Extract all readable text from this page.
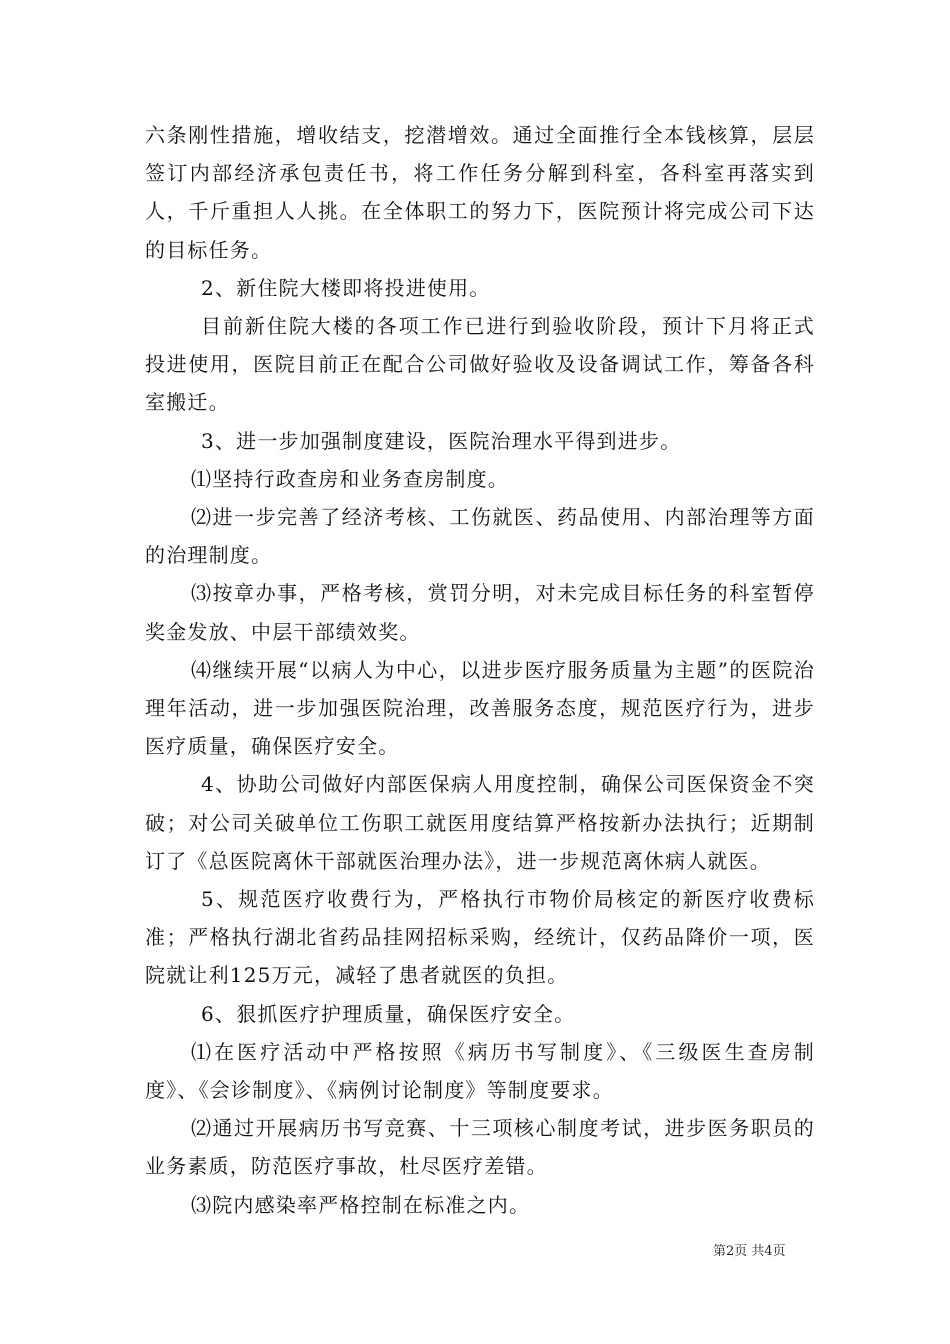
六条刚性措施，增收结支，挖潜增效。通过全面推行全本钱核算，层层签订内部经济承包责任书，将工作任务分解到科室，各科室再落实到人，千斤重担人人挑。在全体职工的努力下，医院预计将完成公司下达的目标任务。

2、新住院大楼即将投进使用。

目前新住院大楼的各项工作已进行到验收阶段，预计下月将正式投进使用，医院目前正在配合公司做好验收及设备调试工作，筹备各科室搬迁。

3、进一步加强制度建设，医院治理水平得到进步。

⑴坚持行政查房和业务查房制度。

⑵进一步完善了经济考核、工伤就医、药品使用、内部治理等方面的治理制度。

⑶按章办事，严格考核，赏罚分明，对未完成目标任务的科室暂停奖金发放、中层干部绩效奖。

⑷继续开展“以病人为中心，以进步医疗服务质量为主题”的医院治理年活动，进一步加强医院治理，改善服务态度，规范医疗行为，进步医疗质量，确保医疗安全。

4、协助公司做好内部医保病人用度控制，确保公司医保资金不突破；对公司关破单位工伤职工就医用度结算严格按新办法执行；近期制订了《总医院离休干部就医治理办法》，进一步规范离休病人就医。

5、规范医疗收费行为，严格执行市物价局核定的新医疗收费标准；严格执行湖北省药品挂网招标采购，经统计，仅药品降价一项，医院就让利125万元，减轻了患者就医的负担。

6、狠抓医疗护理质量，确保医疗安全。

⑴在医疗活动中严格按照《病历书写制度》、《三级医生查房制度》、《会诊制度》、《病例讨论制度》等制度要求。

⑵通过开展病历书写竞赛、十三项核心制度考试，进步医务职员的业务素质，防范医疗事故，杜尽医疗差错。

⑶院内感染率严格控制在标准之内。

第2页 共4页
